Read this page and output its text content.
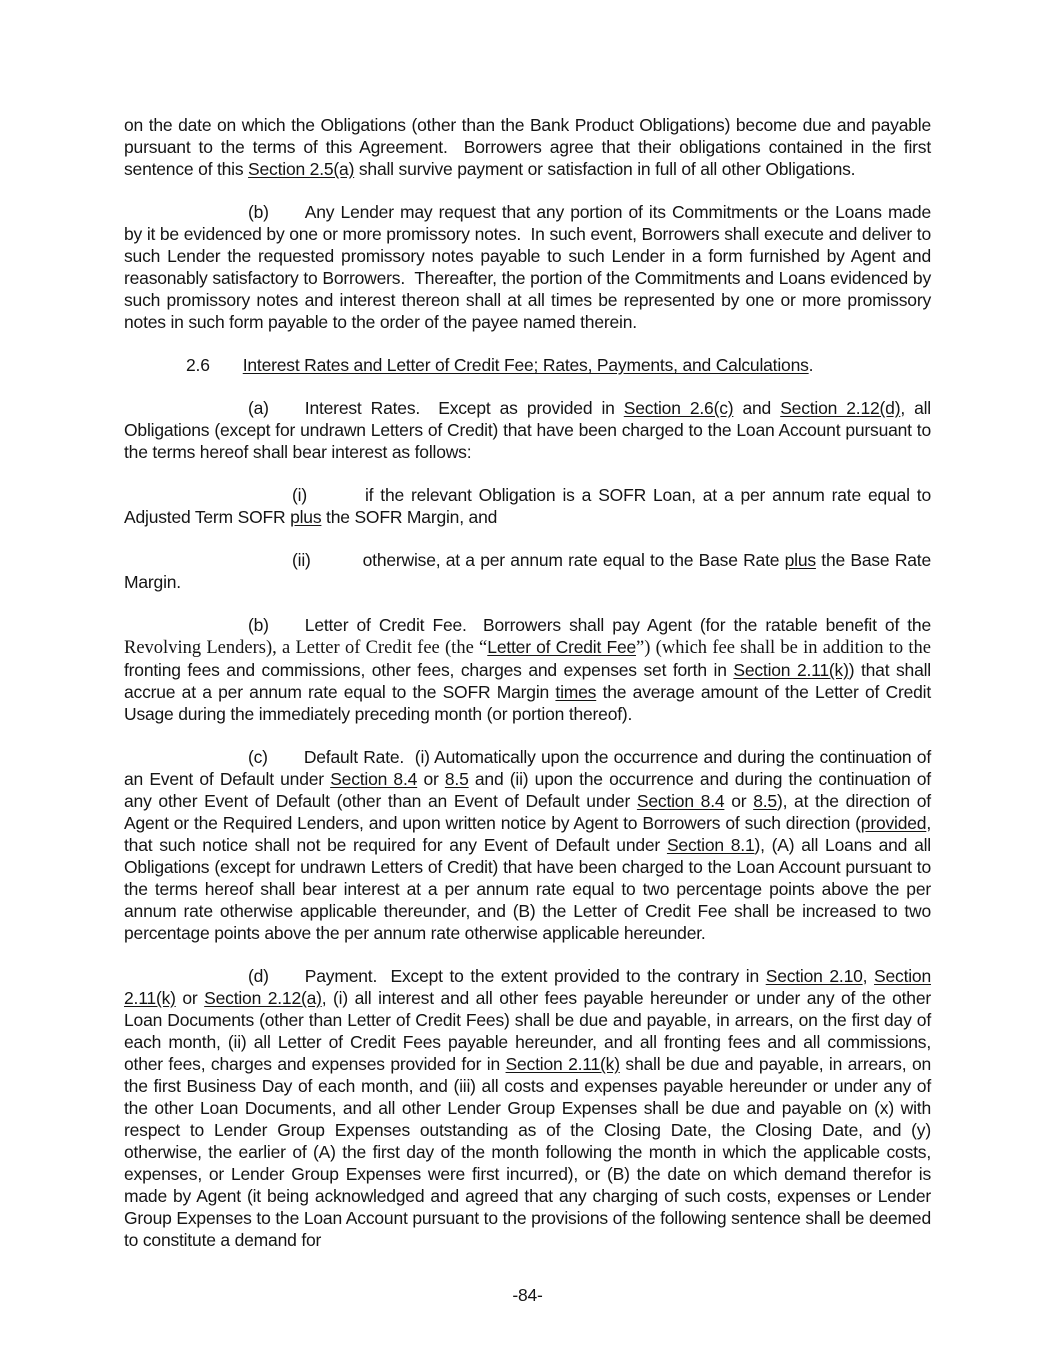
on the date on which the Obligations (other than the Bank Product Obligations) become due and payable pursuant to the terms of this Agreement.  Borrowers agree that their obligations contained in the first sentence of this Section 2.5(a) shall survive payment or satisfaction in full of all other Obligations.

(b) Any Lender may request that any portion of its Commitments or the Loans made by it be evidenced by one or more promissory notes.  In such event, Borrowers shall execute and deliver to such Lender the requested promissory notes payable to such Lender in a form furnished by Agent and reasonably satisfactory to Borrowers.  Thereafter, the portion of the Commitments and Loans evidenced by such promissory notes and interest thereon shall at all times be represented by one or more promissory notes in such form payable to the order of the payee named therein.

2.6 Interest Rates and Letter of Credit Fee; Rates, Payments, and Calculations.

(a) Interest Rates.  Except as provided in Section 2.6(c) and Section 2.12(d), all Obligations (except for undrawn Letters of Credit) that have been charged to the Loan Account pursuant to the terms hereof shall bear interest as follows:

(i)	if the relevant Obligation is a SOFR Loan, at a per annum rate equal to Adjusted Term SOFR plus the SOFR Margin, and

(ii)	otherwise, at a per annum rate equal to the Base Rate plus the Base Rate Margin.

(b) Letter of Credit Fee.  Borrowers shall pay Agent (for the ratable benefit of the Revolving Lenders), a Letter of Credit fee (the “Letter of Credit Fee”) (which fee shall be in addition to the fronting fees and commissions, other fees, charges and expenses set forth in Section 2.11(k)) that shall accrue at a per annum rate equal to the SOFR Margin times the average amount of the Letter of Credit Usage during the immediately preceding month (or portion thereof).

(c) Default Rate.  (i) Automatically upon the occurrence and during the continuation of an Event of Default under Section 8.4 or 8.5 and (ii) upon the occurrence and during the continuation of any other Event of Default (other than an Event of Default under Section 8.4 or 8.5), at the direction of Agent or the Required Lenders, and upon written notice by Agent to Borrowers of such direction (provided, that such notice shall not be required for any Event of Default under Section 8.1), (A) all Loans and all Obligations (except for undrawn Letters of Credit) that have been charged to the Loan Account pursuant to the terms hereof shall bear interest at a per annum rate equal to two percentage points above the per annum rate otherwise applicable thereunder, and (B) the Letter of Credit Fee shall be increased to two percentage points above the per annum rate otherwise applicable hereunder.

(d) Payment.  Except to the extent provided to the contrary in Section 2.10, Section 2.11(k) or Section 2.12(a), (i) all interest and all other fees payable hereunder or under any of the other Loan Documents (other than Letter of Credit Fees) shall be due and payable, in arrears, on the first day of each month, (ii) all Letter of Credit Fees payable hereunder, and all fronting fees and all commissions, other fees, charges and expenses provided for in Section 2.11(k) shall be due and payable, in arrears, on the first Business Day of each month, and (iii) all costs and expenses payable hereunder or under any of the other Loan Documents, and all other Lender Group Expenses shall be due and payable on (x) with respect to Lender Group Expenses outstanding as of the Closing Date, the Closing Date, and (y) otherwise, the earlier of (A) the first day of the month following the month in which the applicable costs, expenses, or Lender Group Expenses were first incurred), or (B) the date on which demand therefor is made by Agent (it being acknowledged and agreed that any charging of such costs, expenses or Lender Group Expenses to the Loan Account pursuant to the provisions of the following sentence shall be deemed to constitute a demand for

-84-
